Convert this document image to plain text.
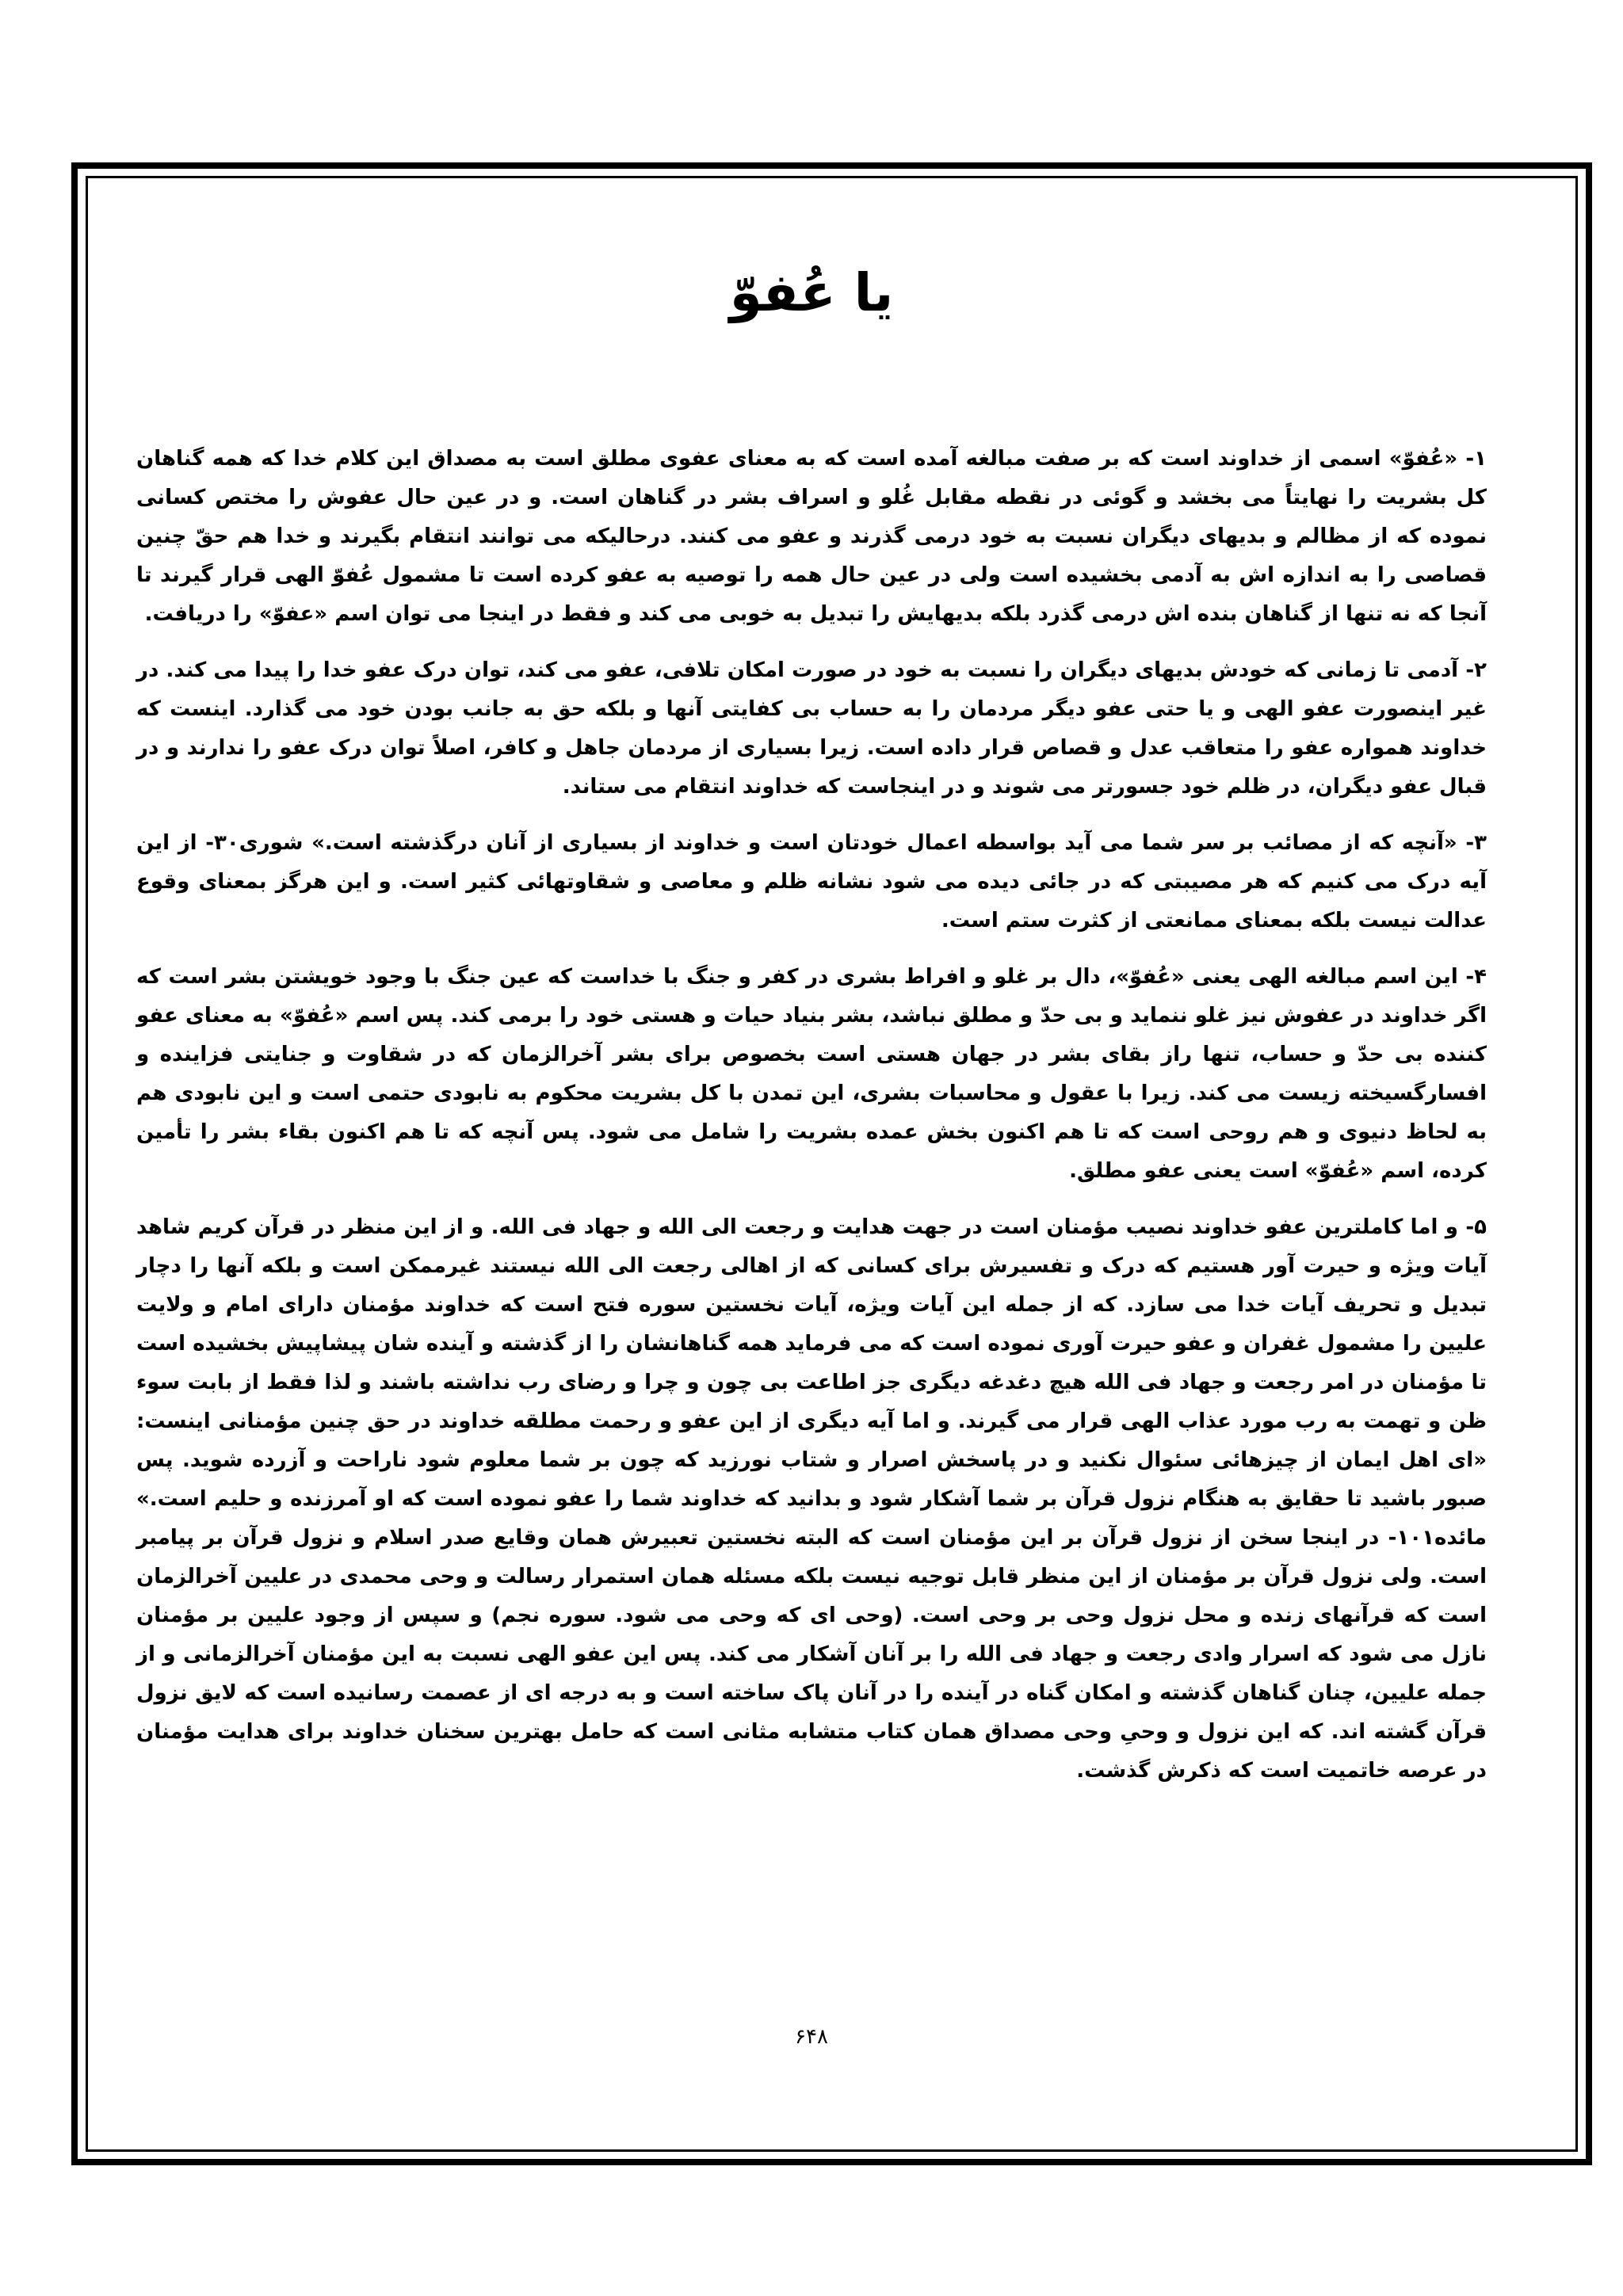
یا عُفوّ

۱- «عُفوّ» اسمی از خداوند است که بر صفت مبالغه آمده است که به معنای عفوی مطلق است به مصداق این کلام خدا که همه گناهان کل بشریت را نهایتاً می بخشد و گوئی در نقطه مقابل غُلو و اسراف بشر در گناهان است. و در عین حال عفوش را مختص کسانی نموده که از مظالم و بدیهای دیگران نسبت به خود درمی گذرند و عفو می کنند. درحالیکه می توانند انتقام بگیرند و خدا هم حقّ چنین قصاصی را به اندازه اش به آدمی بخشیده است ولی در عین حال همه را توصیه به عفو کرده است تا مشمول عُفوّ الهی قرار گیرند تا آنجا که نه تنها از گناهان بنده اش درمی گذرد بلکه بدیهایش را تبدیل به خوبی می کند و فقط در اینجا می توان اسم «عفوّ» را دریافت.

۲- آدمی تا زمانی که خودش بدیهای دیگران را نسبت به خود در صورت امکان تلافی، عفو می کند، توان درک عفو خدا را پیدا می کند. در غیر اینصورت عفو الهی و یا حتی عفو دیگر مردمان را به حساب بی کفایتی آنها و بلکه حق به جانب بودن خود می گذارد. اینست که خداوند همواره عفو را متعاقب عدل و قصاص قرار داده است. زیرا بسیاری از مردمان جاهل و کافر، اصلاً توان درک عفو را ندارند و در قبال عفو دیگران، در ظلم خود جسورتر می شوند و در اینجاست که خداوند انتقام می ستاند.

۳- «آنچه که از مصائب بر سر شما می آید بواسطه اعمال خودتان است و خداوند از بسیاری از آنان درگذشته است.» شوری۳۰- از این آیه درک می کنیم که هر مصیبتی که در جائی دیده می شود نشانه ظلم و معاصی و شقاوتهائی کثیر است. و این هرگز بمعنای وقوع عدالت نیست بلکه بمعنای ممانعتی از کثرت ستم است.

۴- این اسم مبالغه الهی یعنی «عُفوّ»، دال بر غلو و افراط بشری در کفر و جنگ با خداست که عین جنگ با وجود خویشتن بشر است که اگر خداوند در عفوش نیز غلو ننماید و بی حدّ و مطلق نباشد، بشر بنیاد حیات و هستی خود را برمی کند. پس اسم «عُفوّ» به معنای عفو کننده بی حدّ و حساب، تنها راز بقای بشر در جهان هستی است بخصوص برای بشر آخرالزمان که در شقاوت و جنایتی فزاینده و افسارگسیخته زیست می کند. زیرا با عقول و محاسبات بشری، این تمدن با کل بشریت محکوم به نابودی حتمی است و این نابودی هم به لحاظ دنیوی و هم روحی است که تا هم اکنون بخش عمده بشریت را شامل می شود. پس آنچه که تا هم اکنون بقاء بشر را تأمین کرده، اسم «عُفوّ» است یعنی عفو مطلق.

۵- و اما کاملترین عفو خداوند نصیب مؤمنان است در جهت هدایت و رجعت الی الله و جهاد فی الله. و از این منظر در قرآن کریم شاهد آیات ویژه و حیرت آور هستیم که درک و تفسیرش برای کسانی که از اهالی رجعت الی الله نیستند غیرممکن است و بلکه آنها را دچار تبدیل و تحریف آیات خدا می سازد. که از جمله این آیات ویژه، آیات نخستین سوره فتح است که خداوند مؤمنان دارای امام و ولایت علیین را مشمول غفران و عفو حیرت آوری نموده است که می فرماید همه گناهانشان را از گذشته و آینده شان پیشاپیش بخشیده است تا مؤمنان در امر رجعت و جهاد فی الله هیچ دغدغه دیگری جز اطاعت بی چون و چرا و رضای رب نداشته باشند و لذا فقط از بابت سوء ظن و تهمت به رب مورد عذاب الهی قرار می گیرند. و اما آیه دیگری از این عفو و رحمت مطلقه خداوند در حق چنین مؤمنانی اینست: «ای اهل ایمان از چیزهائی سئوال نکنید و در پاسخش اصرار و شتاب نورزید که چون بر شما معلوم شود ناراحت و آزرده شوید. پس صبور باشید تا حقایق به هنگام نزول قرآن بر شما آشکار شود و بدانید که خداوند شما را عفو نموده است که او آمرزنده و حلیم است.» مائده۱۰۱- در اینجا سخن از نزول قرآن بر این مؤمنان است که البته نخستین تعبیرش همان وقایع صدر اسلام و نزول قرآن بر پیامبر است. ولی نزول قرآن بر مؤمنان از این منظر قابل توجیه نیست بلکه مسئله همان استمرار رسالت و وحی محمدی در علیین آخرالزمان است که قرآنهای زنده و محل نزول وحی بر وحی است. (وحی ای که وحی می شود. سوره نجم) و سپس از وجود علیین بر مؤمنان نازل می شود که اسرار وادی رجعت و جهاد فی الله را بر آنان آشکار می کند. پس این عفو الهی نسبت به این مؤمنان آخرالزمانی و از جمله علیین، چنان گناهان گذشته و امکان گناه در آینده را در آنان پاک ساخته است و به درجه ای از عصمت رسانیده است که لایق نزول قرآن گشته اند. که این نزول و وحیِ وحی مصداق همان کتاب متشابه مثانی است که حامل بهترین سخنان خداوند برای هدایت مؤمنان در عرصه خاتمیت است که ذکرش گذشت.

۶۴۸
